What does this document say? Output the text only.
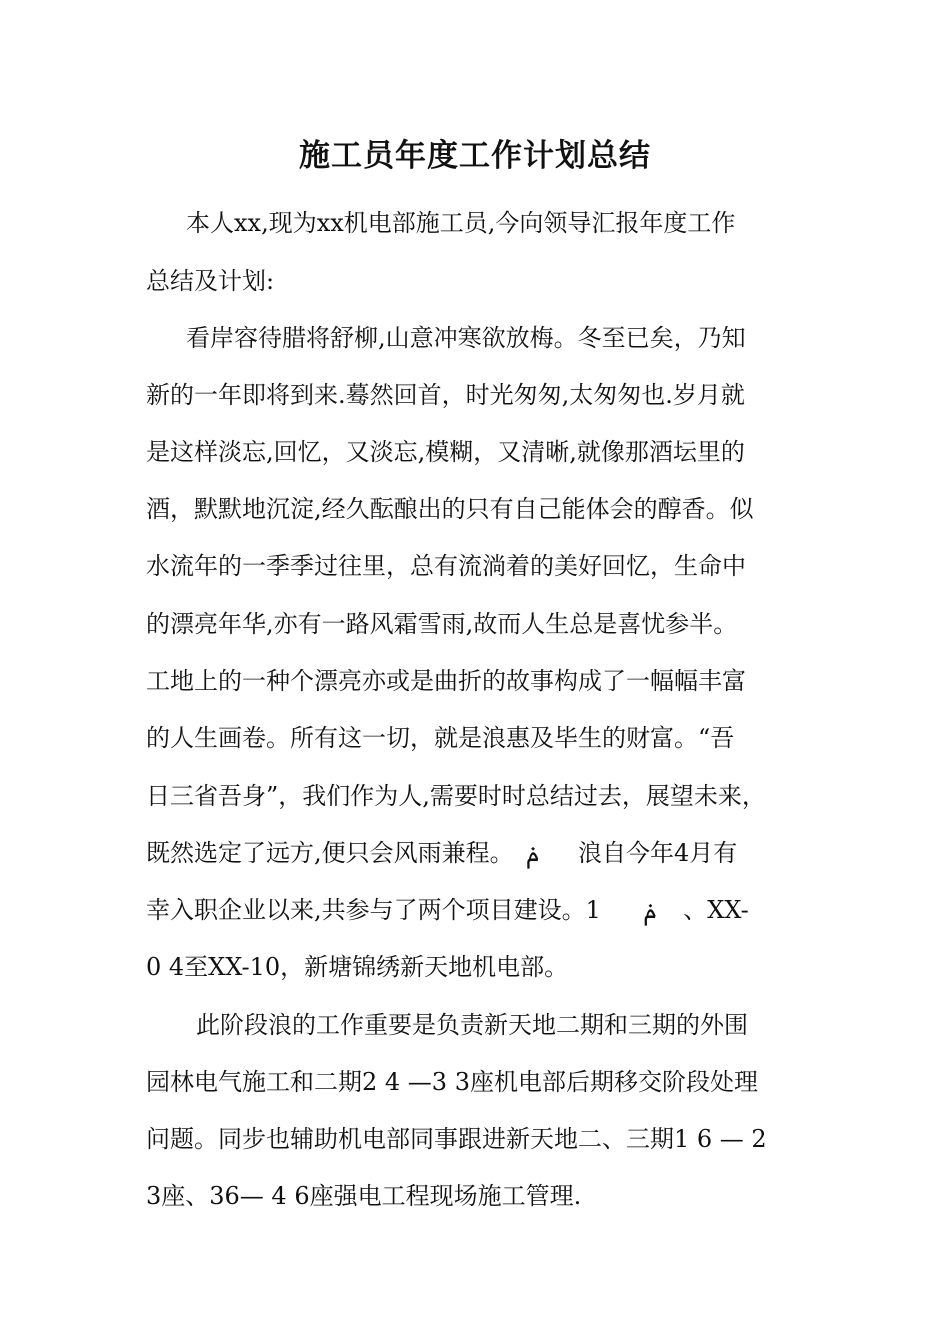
施工员年度工作计划总结
本人xx,现为xx机电部施工员,今向领导汇报年度工作
总结及计划:
看岸容待腊将舒柳,山意冲寒欲放梅。冬至已矣，乃知
新的一年即将到来.蓦然回首，时光匆匆,太匆匆也.岁月就
是这样淡忘,回忆，又淡忘,模糊，又清晰,就像那酒坛里的
酒，默默地沉淀,经久酝酿出的只有自己能体会的醇香。似
水流年的一季季过往里，总有流淌着的美好回忆，生命中
的漂亮年华,亦有一路风霜雪雨,故而人生总是喜忧参半。
工地上的一种个漂亮亦或是曲折的故事构成了一幅幅丰富
的人生画卷。所有这一切，就是浪惠及毕生的财富。“吾
日三省吾身”，我们作为人,需要时时总结过去，展望未来，
既然选定了远方,便只会风雨兼程。 ݥ 浪自今年4月有
幸入职企业以来,共参与了两个项目建设。1 ݥ 、XX-
0 4至XX-10，新塘锦绣新天地机电部。
此阶段浪的工作重要是负责新天地二期和三期的外围
园林电气施工和二期2 4 —3 3座机电部后期移交阶段处理
问题。同步也辅助机电部同事跟进新天地二、三期1 6 — 2
3座、36— 4 6座强电工程现场施工管理.
